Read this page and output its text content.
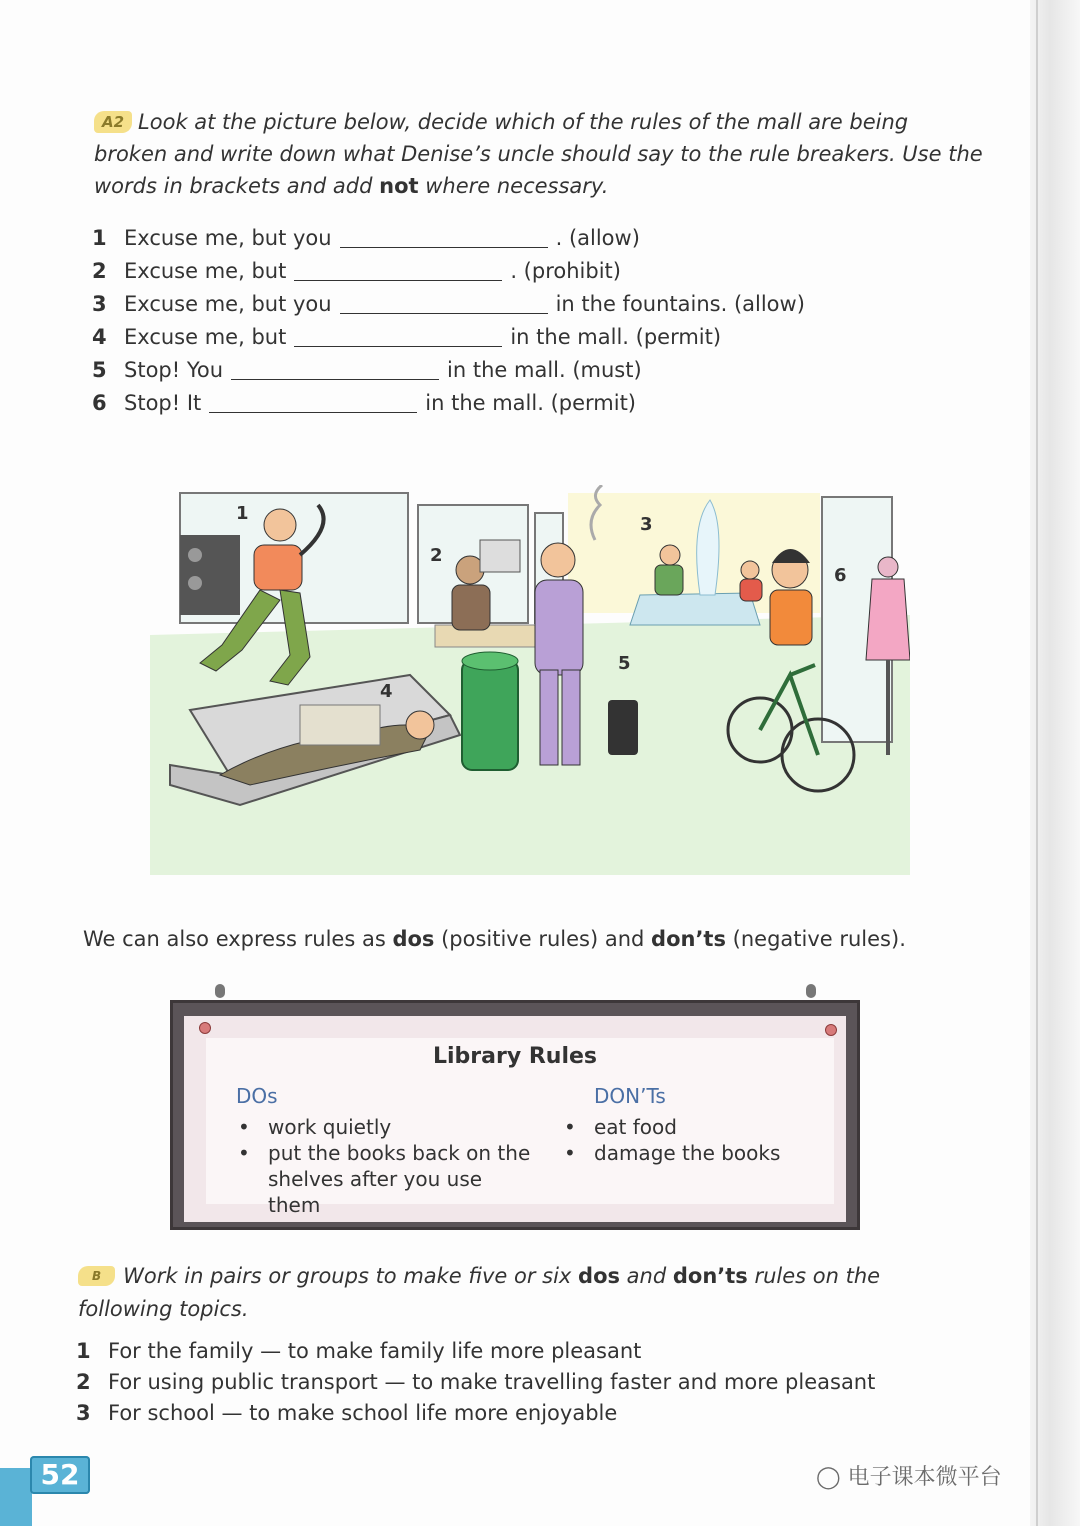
A2 Look at the picture below, decide which of the rules of the mall are being broken and write down what Denise’s uncle should say to the rule breakers. Use the words in brackets and add not where necessary.
1 Excuse me, but you	. (allow)
2 Excuse me, but	. (prohibit)
3 Excuse me, but you	in the fountains. (allow)
4 Excuse me, but	in the mall. (permit)
5 Stop! You	in the mall. (must)
6 Stop! It	in the mall. (permit)
1
2
3
4
5
6
We can also express rules as dos (positive rules) and don’ts (negative rules).
Library Rules
DOs	DON’Ts
• work quietly
• put the books back on the shelves after you use them
• eat food
• damage the books
B Work in pairs or groups to make five or six dos and don’ts rules on the following topics.
1 For the family — to make family life more pleasant
2 For using public transport — to make travelling faster and more pleasant
3 For school — to make school life more enjoyable
52	◯ 电子课本微平台
